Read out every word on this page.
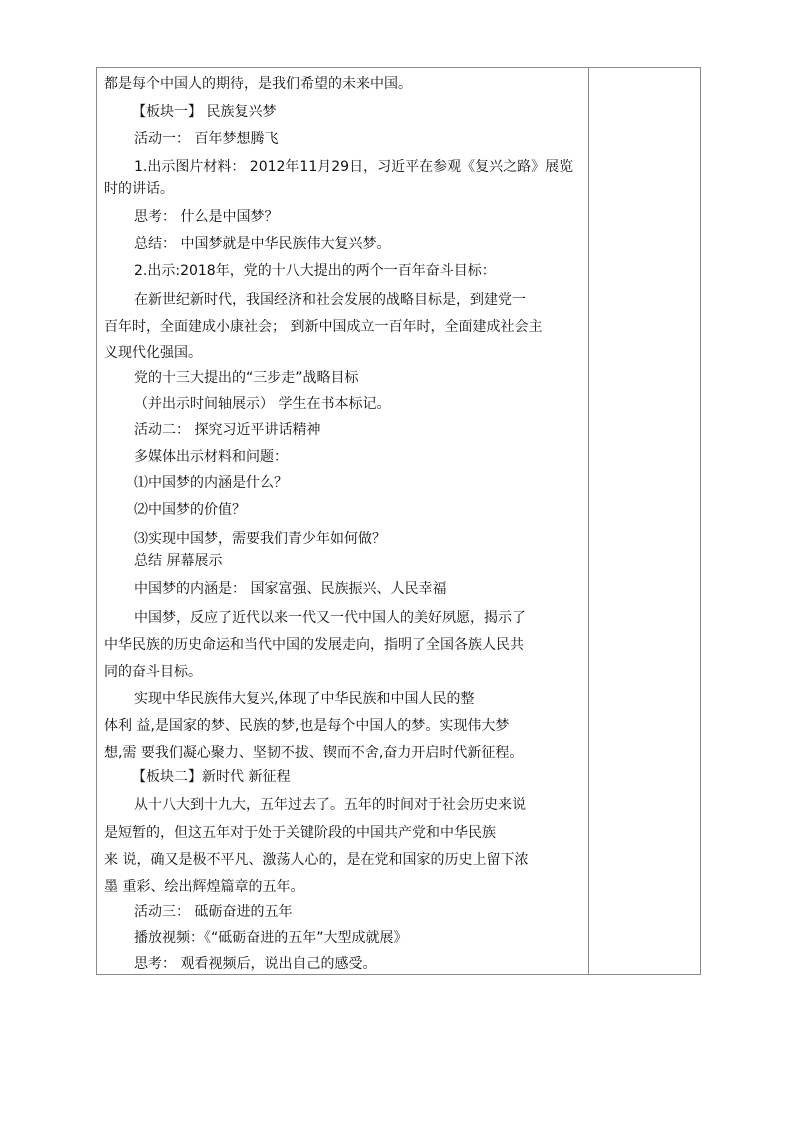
都是每个中国人的期待，是我们希望的未来中国。
【板块一】 民族复兴梦
活动一： 百年梦想腾飞
1.出示图片材料： 2012年11月29日，习近平在参观《复兴之路》展览
时的讲话。
思考： 什么是中国梦？
总结： 中国梦就是中华民族伟大复兴梦。
2.出示:2018年，党的十八大提出的两个一百年奋斗目标：
在新世纪新时代，我国经济和社会发展的战略目标是，到建党一
百年时，全面建成小康社会； 到新中国成立一百年时，全面建成社会主
义现代化强国。
党的十三大提出的“三步走”战略目标
（并出示时间轴展示） 学生在书本标记。
活动二： 探究习近平讲话精神
多媒体出示材料和问题：
⑴中国梦的内涵是什么？
⑵中国梦的价值？
⑶实现中国梦，需要我们青少年如何做？
总结 屏幕展示
中国梦的内涵是： 国家富强、民族振兴、人民幸福
中国梦，反应了近代以来一代又一代中国人的美好夙愿，揭示了
中华民族的历史命运和当代中国的发展走向，指明了全国各族人民共
同的奋斗目标。
实现中华民族伟大复兴,体现了中华民族和中国人民的整
体利 益,是国家的梦、民族的梦,也是每个中国人的梦。实现伟大梦
想,需 要我们凝心聚力、坚韧不拔、锲而不舍,奋力开启时代新征程。
【板块二】新时代 新征程
从十八大到十九大，五年过去了。五年的时间对于社会历史来说
是短暂的，但这五年对于处于关键阶段的中国共产党和中华民族
来 说，确又是极不平凡、激荡人心的，是在党和国家的历史上留下浓
墨 重彩、绘出辉煌篇章的五年。
活动三： 砥砺奋进的五年
播放视频：《“砥砺奋进的五年”大型成就展》
思考： 观看视频后，说出自己的感受。
